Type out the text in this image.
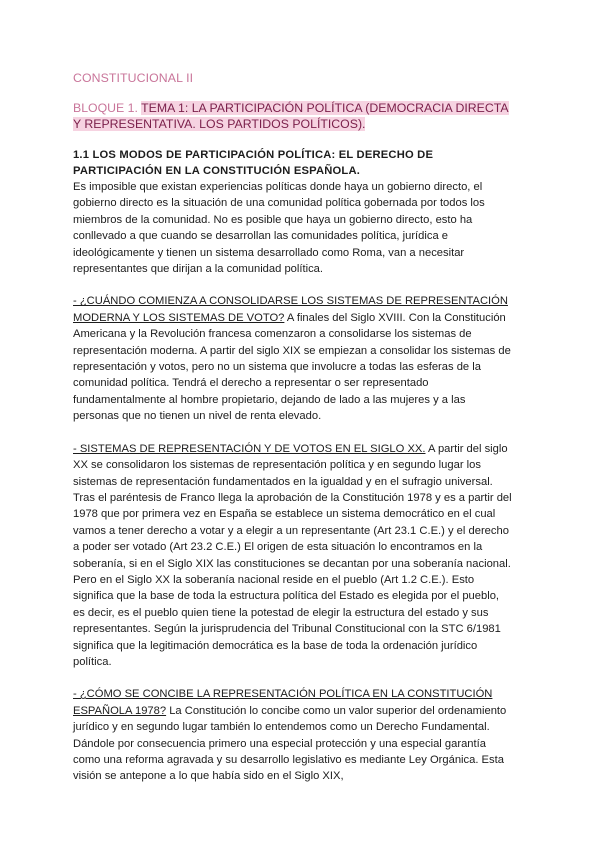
CONSTITUCIONAL II
BLOQUE 1. TEMA 1: LA PARTICIPACIÓN POLÍTICA (DEMOCRACIA DIRECTA Y REPRESENTATIVA. LOS PARTIDOS POLÍTICOS).
1.1 LOS MODOS DE PARTICIPACIÓN POLÍTICA: EL DERECHO DE PARTICIPACIÓN EN LA CONSTITUCIÓN ESPAÑOLA.

Es imposible que existan experiencias políticas donde haya un gobierno directo, el gobierno directo es la situación de una comunidad política gobernada por todos los miembros de la comunidad. No es posible que haya un gobierno directo, esto ha conllevado a que cuando se desarrollan las comunidades política, jurídica e ideológicamente y tienen un sistema desarrollado como Roma, van a necesitar representantes que dirijan a la comunidad política.

- ¿CUÁNDO COMIENZA A CONSOLIDARSE LOS SISTEMAS DE REPRESENTACIÓN MODERNA Y LOS SISTEMAS DE VOTO? A finales del Siglo XVIII. Con la Constitución Americana y la Revolución francesa comenzaron a consolidarse los sistemas de representación moderna. A partir del siglo XIX se empiezan a consolidar los sistemas de representación y votos, pero no un sistema que involucre a todas las esferas de la comunidad política. Tendrá el derecho a representar o ser representado fundamentalmente al hombre propietario, dejando de lado a las mujeres y a las personas que no tienen un nivel de renta elevado.

- SISTEMAS DE REPRESENTACIÓN Y DE VOTOS EN EL SIGLO XX. A partir del siglo XX se consolidaron los sistemas de representación política y en segundo lugar los sistemas de representación fundamentados en la igualdad y en el sufragio universal. Tras el paréntesis de Franco llega la aprobación de la Constitución 1978 y es a partir del 1978 que por primera vez en España se establece un sistema democrático en el cual vamos a tener derecho a votar y a elegir a un representante (Art 23.1 C.E.) y el derecho a poder ser votado (Art 23.2 C.E.) El origen de esta situación lo encontramos en la soberanía, si en el Siglo XIX las constituciones se decantan por una soberanía nacional. Pero en el Siglo XX la soberanía nacional reside en el pueblo (Art 1.2 C.E.). Esto significa que la base de toda la estructura política del Estado es elegida por el pueblo, es decir, es el pueblo quien tiene la potestad de elegir la estructura del estado y sus representantes. Según la jurisprudencia del Tribunal Constitucional con la STC 6/1981 significa que la legitimación democrática es la base de toda la ordenación jurídico política.

- ¿CÓMO SE CONCIBE LA REPRESENTACIÓN POLÍTICA EN LA CONSTITUCIÓN ESPAÑOLA 1978? La Constitución lo concibe como un valor superior del ordenamiento jurídico y en segundo lugar también lo entendemos como un Derecho Fundamental. Dándole por consecuencia primero una especial protección y una especial garantía como una reforma agravada y su desarrollo legislativo es mediante Ley Orgánica. Esta visión se antepone a lo que había sido en el Siglo XIX,
